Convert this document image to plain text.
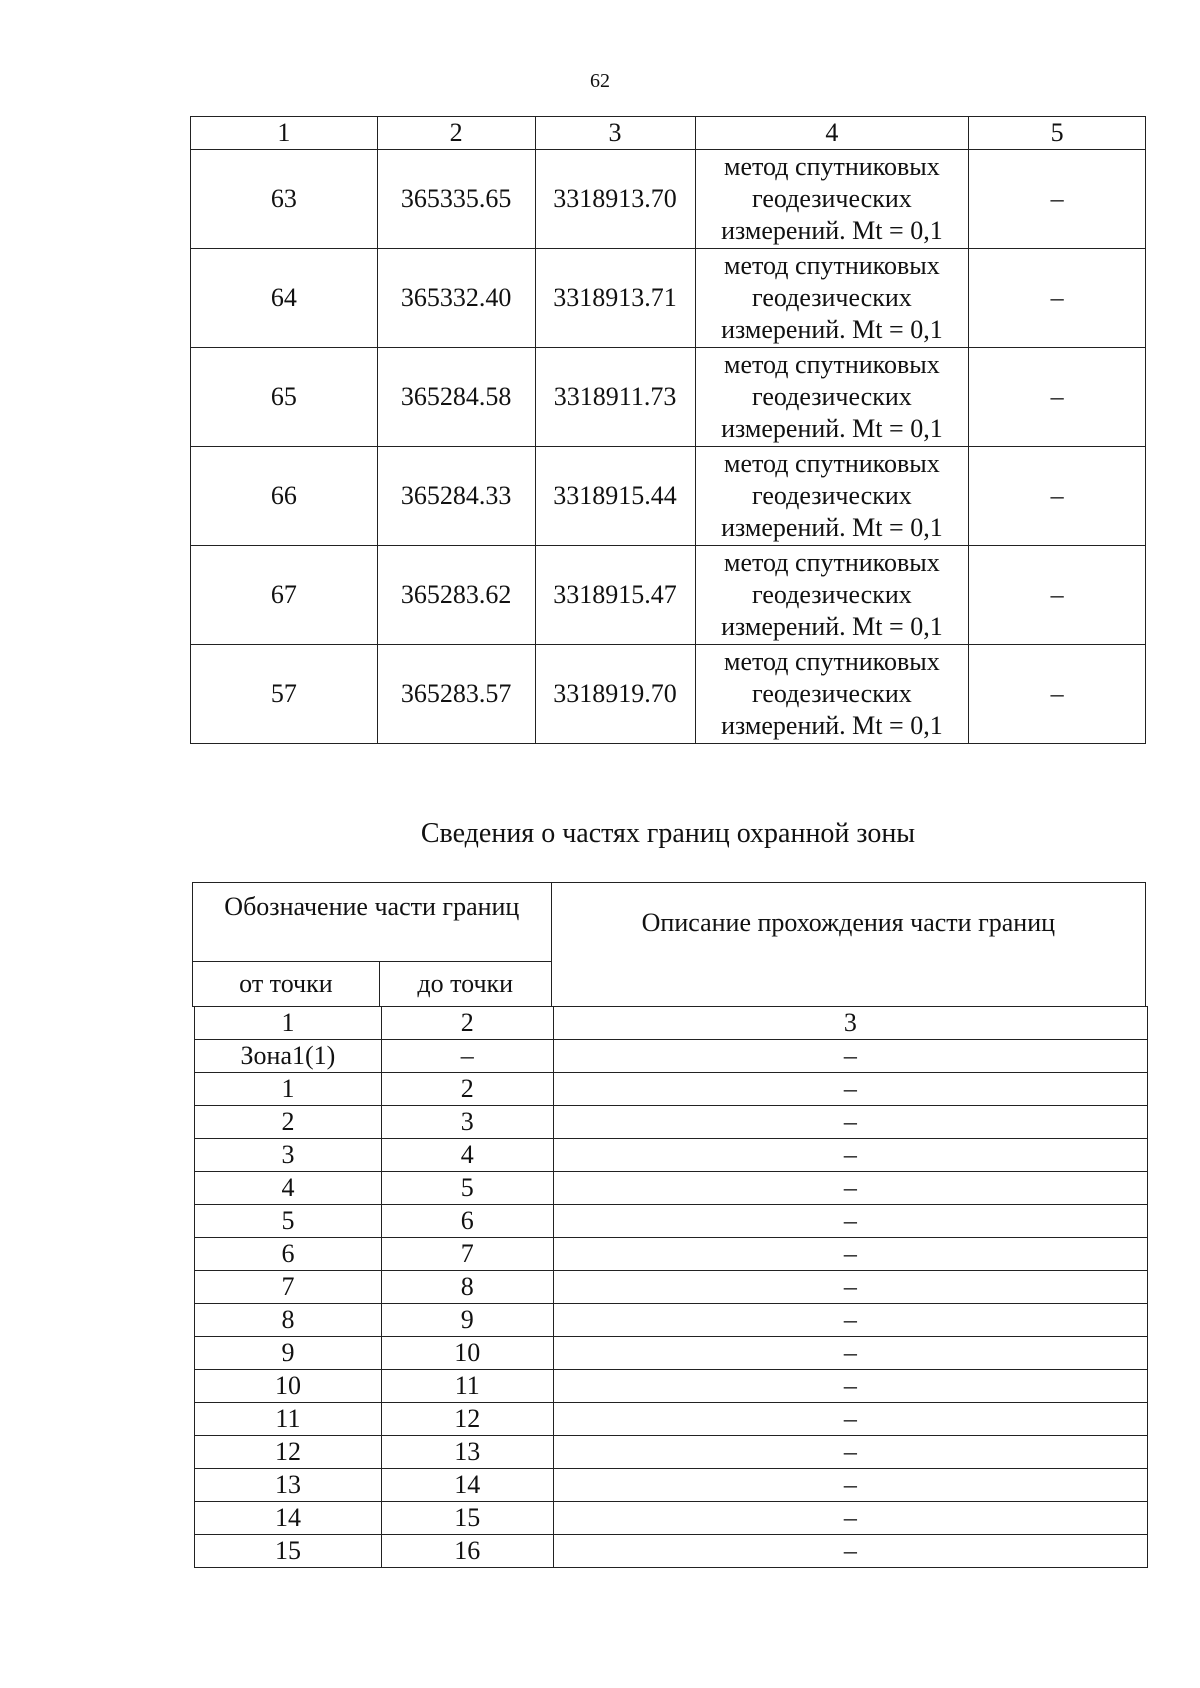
62
1	2	3	4	5
63	365335.65	3318913.70	метод спутниковых
геодезических
измерений. Mt = 0,1	–
64	365332.40	3318913.71	метод спутниковых
геодезических
измерений. Mt = 0,1	–
65	365284.58	3318911.73	метод спутниковых
геодезических
измерений. Mt = 0,1	–
66	365284.33	3318915.44	метод спутниковых
геодезических
измерений. Mt = 0,1	–
67	365283.62	3318915.47	метод спутниковых
геодезических
измерений. Mt = 0,1	–
57	365283.57	3318919.70	метод спутниковых
геодезических
измерений. Mt = 0,1	–
Сведения о частях границ охранной зоны
Обозначение части границ		Описание прохождения части границ
от точки	до точки	
1	2	3
Зона1(1)	–	–
1	2	–
2	3	–
3	4	–
4	5	–
5	6	–
6	7	–
7	8	–
8	9	–
9	10	–
10	11	–
11	12	–
12	13	–
13	14	–
14	15	–
15	16	–
